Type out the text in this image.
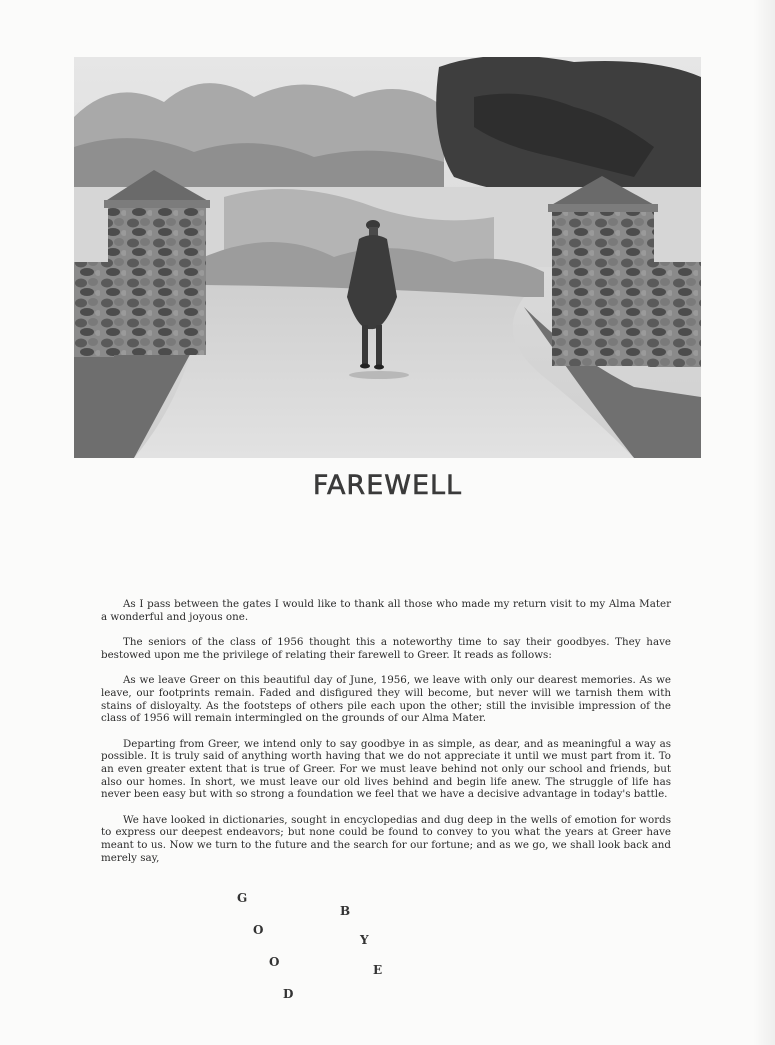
FAREWELL

As I pass between the gates I would like to thank all those who made my return visit to my Alma Mater a wonderful and joyous one.

The seniors of the class of 1956 thought this a noteworthy time to say their goodbyes. They have bestowed upon me the privilege of relating their farewell to Greer. It reads as follows:

As we leave Greer on this beautiful day of June, 1956, we leave with only our dearest memories. As we leave, our footprints remain. Faded and disfigured they will become, but never will we tarnish them with stains of disloyalty. As the footsteps of others pile each upon the other; still the invisible impression of the class of 1956 will remain intermingled on the grounds of our Alma Mater.

Departing from Greer, we intend only to say goodbye in as simple, as dear, and as meaningful a way as possible. It is truly said of anything worth having that we do not appreciate it until we must part from it. To an even greater extent that is true of Greer. For we must leave behind not only our school and friends, but also our homes. In short, we must leave our old lives behind and begin life anew. The struggle of life has never been easy but with so strong a foundation we feel that we have a decisive advantage in today's battle.

We have looked in dictionaries, sought in encyclopedias and dug deep in the wells of emotion for words to express our deepest endeavors; but none could be found to convey to you what the years at Greer have meant to us. Now we turn to the future and the search for our fortune; and as we go, we shall look back and merely say,

G
O
O
D
B
Y
E
